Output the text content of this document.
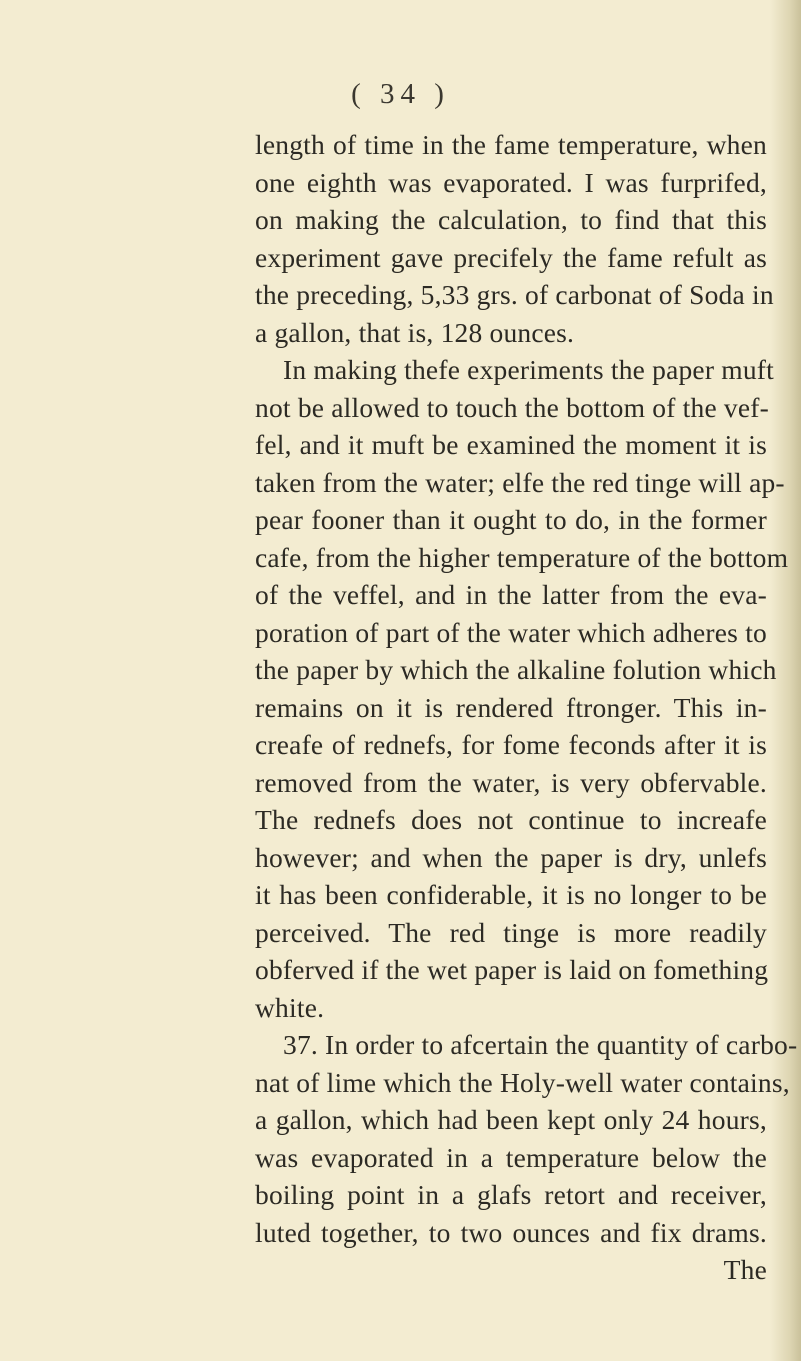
( 34 )
length of time in the fame temperature, when
one eighth was evaporated. I was furprifed,
on making the calculation, to find that this
experiment gave precifely the fame refult as
the preceding, 5,33 grs. of carbonat of Soda in
a gallon, that is, 128 ounces.
In making thefe experiments the paper muft
not be allowed to touch the bottom of the vef-
fel, and it muft be examined the moment it is
taken from the water; elfe the red tinge will ap-
pear fooner than it ought to do, in the former
cafe, from the higher temperature of the bottom
of the veffel, and in the latter from the eva-
poration of part of the water which adheres to
the paper by which the alkaline folution which
remains on it is rendered ftronger. This in-
creafe of rednefs, for fome feconds after it is
removed from the water, is very obfervable.
The rednefs does not continue to increafe
however; and when the paper is dry, unlefs
it has been confiderable, it is no longer to be
perceived. The red tinge is more readily
obferved if the wet paper is laid on fomething
white.
37. In order to afcertain the quantity of carbo-
nat of lime which the Holy-well water contains,
a gallon, which had been kept only 24 hours,
was evaporated in a temperature below the
boiling point in a glafs retort and receiver,
luted together, to two ounces and fix drams.
The
